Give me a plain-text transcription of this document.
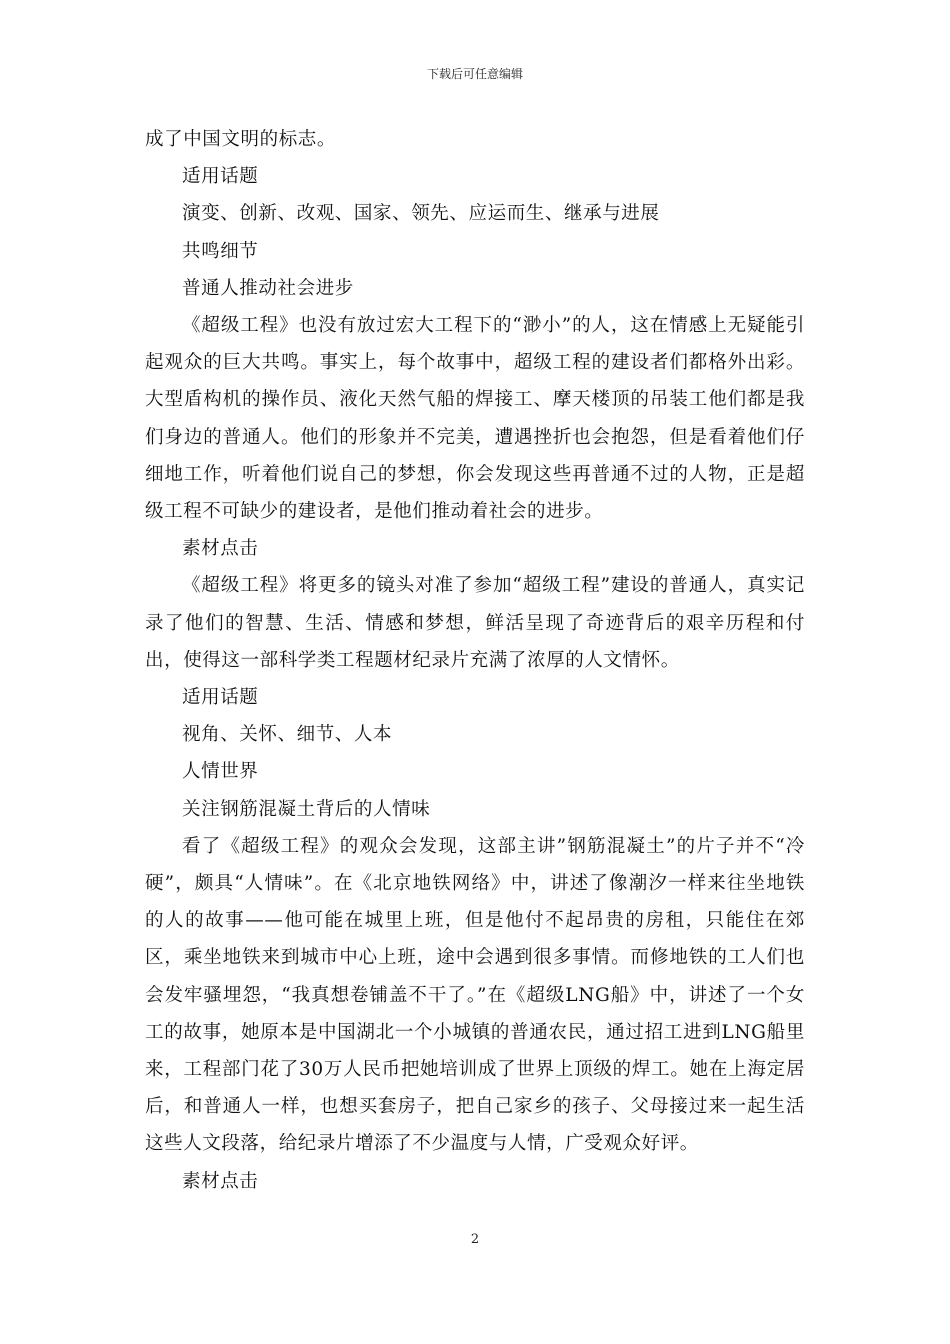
下载后可任意编辑

成了中国文明的标志。

适用话题

演变、创新、改观、国家、领先、应运而生、继承与进展

共鸣细节

普通人推动社会进步

《超级工程》也没有放过宏大工程下的“渺小”的人，这在情感上无疑能引起观众的巨大共鸣。事实上，每个故事中，超级工程的建设者们都格外出彩。大型盾构机的操作员、液化天然气船的焊接工、摩天楼顶的吊装工他们都是我们身边的普通人。他们的形象并不完美，遭遇挫折也会抱怨，但是看着他们仔细地工作，听着他们说自己的梦想，你会发现这些再普通不过的人物，正是超级工程不可缺少的建设者，是他们推动着社会的进步。

素材点击

《超级工程》将更多的镜头对准了参加“超级工程”建设的普通人，真实记录了他们的智慧、生活、情感和梦想，鲜活呈现了奇迹背后的艰辛历程和付出，使得这一部科学类工程题材纪录片充满了浓厚的人文情怀。

适用话题

视角、关怀、细节、人本

人情世界

关注钢筋混凝土背后的人情味

看了《超级工程》的观众会发现，这部主讲”钢筋混凝土”的片子并不“冷硬”，颇具“人情味”。在《北京地铁网络》中，讲述了像潮汐一样来往坐地铁的人的故事——他可能在城里上班，但是他付不起昂贵的房租，只能住在郊区，乘坐地铁来到城市中心上班，途中会遇到很多事情。而修地铁的工人们也会发牢骚埋怨，“我真想卷铺盖不干了。”在《超级LNG船》中，讲述了一个女工的故事，她原本是中国湖北一个小城镇的普通农民，通过招工进到LNG船里来，工程部门花了30万人民币把她培训成了世界上顶级的焊工。她在上海定居后，和普通人一样，也想买套房子，把自己家乡的孩子、父母接过来一起生活这些人文段落，给纪录片增添了不少温度与人情，广受观众好评。

素材点击

2
